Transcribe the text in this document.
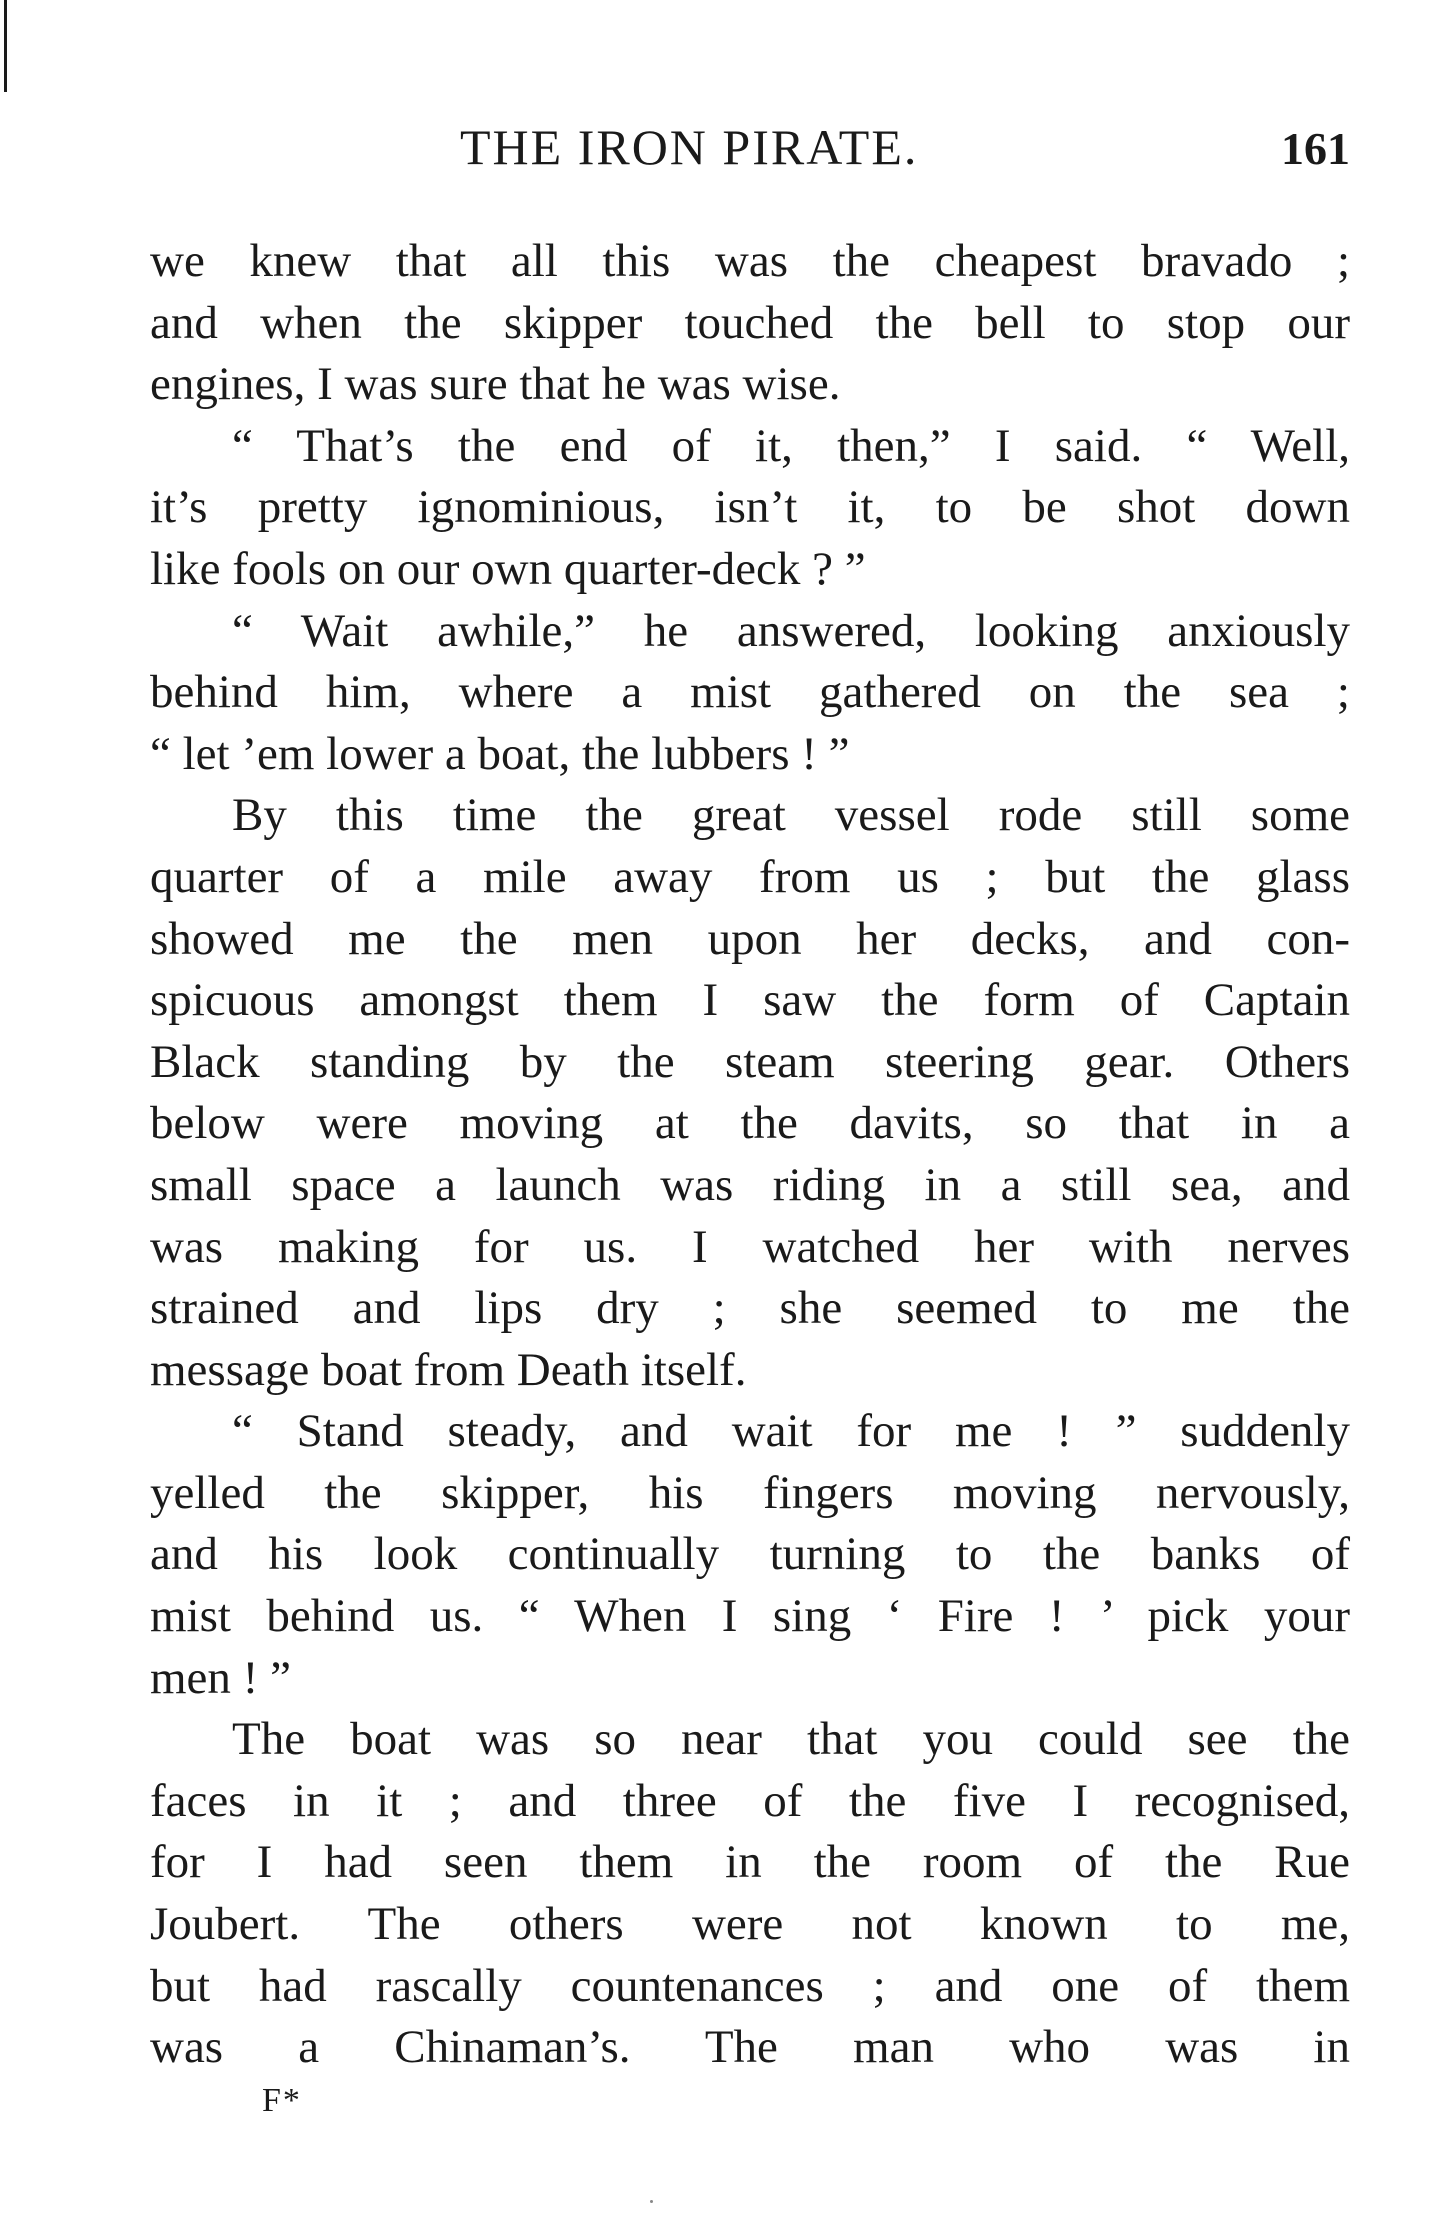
THE IRON PIRATE.	161
we knew that all this was the cheapest bravado ;
and when the skipper touched the bell to stop our
engines, I was sure that he was wise.
“ That’s the end of it, then,” I said. “ Well,
it’s pretty ignominious, isn’t it, to be shot down
like fools on our own quarter-deck ? ”
“ Wait awhile,” he answered, looking anxiously
behind him, where a mist gathered on the sea ;
“ let ’em lower a boat, the lubbers ! ”
By this time the great vessel rode still some
quarter of a mile away from us ; but the glass
showed me the men upon her decks, and con-
spicuous amongst them I saw the form of Captain
Black standing by the steam steering gear. Others
below were moving at the davits, so that in a
small space a launch was riding in a still sea, and
was making for us. I watched her with nerves
strained and lips dry ; she seemed to me the
message boat from Death itself.
“ Stand steady, and wait for me ! ” suddenly
yelled the skipper, his fingers moving nervously,
and his look continually turning to the banks of
mist behind us. “ When I sing ‘ Fire ! ’ pick your
men ! ”
The boat was so near that you could see the
faces in it ; and three of the five I recognised,
for I had seen them in the room of the Rue
Joubert. The others were not known to me,
but had rascally countenances ; and one of them
was a Chinaman’s. The man who was in
F*
